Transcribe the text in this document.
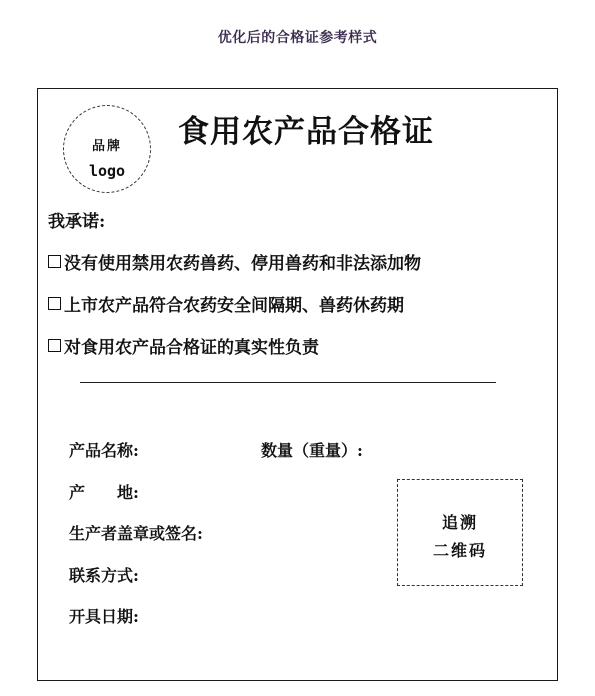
优化后的合格证参考样式
品牌
logo
食用农产品合格证
我承诺:
没有使用禁用农药兽药、停用兽药和非法添加物
上市农产品符合农药安全间隔期、兽药休药期
对食用农产品合格证的真实性负责
产品名称:	数量（重量）:
产　　地:
生产者盖章或签名:
联系方式:
开具日期:
追溯
二维码
